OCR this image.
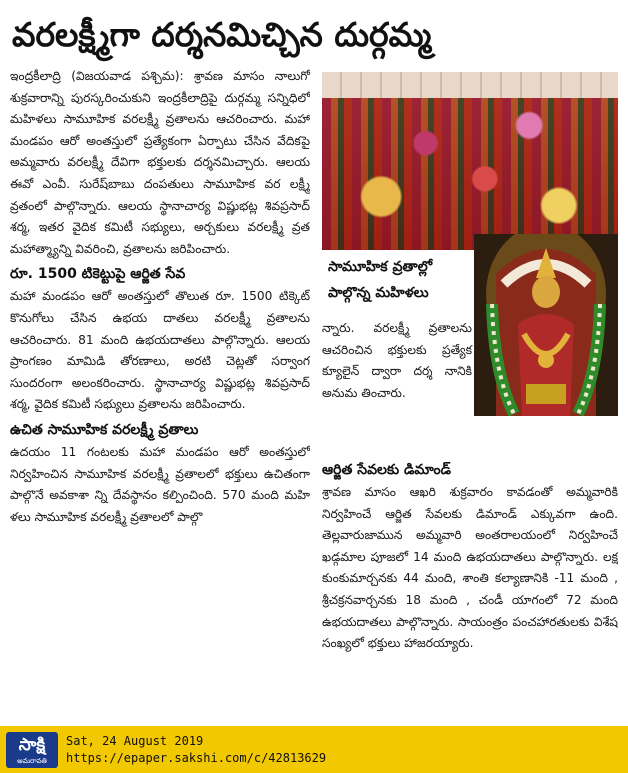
వరలక్ష్మీగా దర్శనమిచ్చిన దుర్గమ్మ

ఇంద్రకీలాద్రి (విజయవాడ పశ్చిమ): శ్రావణ మాసం నాలుగో శుక్రవారాన్ని పురస్కరించుకుని ఇంద్రకీలాద్రిపై దుర్గమ్మ సన్నిధిలో మహిళలు సామూహిక వరలక్ష్మీ వ్రతాలను ఆచరించారు. మహా మండపం ఆరో అంతస్తులో ప్రత్యేకంగా ఏర్పాటు చేసిన వేదికపై అమ్మవారు వరలక్ష్మీ దేవిగా భక్తులకు దర్శనమిచ్చారు. ఆలయ ఈవో ఎంవీ. సురేష్‌బాబు దంపతులు సామూహిక వర లక్ష్మీ వ్రతంలో పాల్గొన్నారు. ఆలయ స్థానాచార్య విష్ణుభట్ల శివప్రసాద్ శర్మ, ఇతర వైదిక కమిటీ సభ్యులు, అర్చకులు వరలక్ష్మీ వ్రత మహాత్మ్యాన్ని వివరించి, వ్రతాలను జరిపించారు.

రూ. 1500 టికెట్టుపై ఆర్జిత సేవ

మహా మండపం ఆరో అంతస్తులో తొలుత రూ. 1500 టిక్కెట్ కొనుగోలు చేసిన ఉభయ దాతలు వరలక్ష్మీ వ్రతాలను ఆచరించారు. 81 మంది ఉభయదాతలు పాల్గొన్నారు. ఆలయ ప్రాంగణం మామిడి తోరణాలు, అరటి చెట్లతో సర్వాంగ సుందరంగా అలంకరించారు. స్థానాచార్య విష్ణుభట్ల శివప్రసాద్ శర్మ, వైదిక కమిటీ సభ్యులు వ్రతాలను జరిపించారు.

ఉచిత సామూహిక వరలక్ష్మీ వ్రతాలు

ఉదయం 11 గంటలకు మహా మండపం ఆరో అంతస్తులో నిర్వహించిన సామూహిక వరలక్ష్మీ వ్రతాలలో భక్తులు ఉచితంగా పాల్గొనే అవకాశా న్ని దేవస్థానం కల్పించింది. 570 మంది మహి ళలు సామూహిక వరలక్ష్మీ వ్రతాలలో పాల్గొ

సామూహిక వ్రతాల్లో పాల్గొన్న మహిళలు

న్నారు. వరలక్ష్మీ వ్రతాలను ఆచరించిన భక్తులకు ప్రత్యేక క్యూలైన్ ద్వారా దర్శ నానికి అనుమ తించారు.

ఆర్జిత సేవలకు డిమాండ్

శ్రావణ మాసం ఆఖరి శుక్రవారం కావడంతో అమ్మవారికి నిర్వహించే ఆర్జిత సేవలకు డిమాండ్ ఎక్కువగా ఉంది. తెల్లవారుజామున అమ్మవారి అంతరాలయంలో నిర్వహించే ఖడ్గమాల పూజలో 14 మంది ఉభయదాతలు పాల్గొన్నారు. లక్ష కుంకుమార్చనకు 44 మంది, శాంతి కల్యాణానికి -11 మంది , శ్రీచక్రనవార్చనకు 18 మంది , చండీ యాగంలో 72 మంది ఉభయదాతలు పాల్గొన్నారు. సాయంత్రం పంచహారతులకు విశేష సంఖ్యలో భక్తులు హాజరయ్యారు.

సాక్షి
అమరావతి
Sat, 24 August 2019
https://epaper.sakshi.com/c/42813629
